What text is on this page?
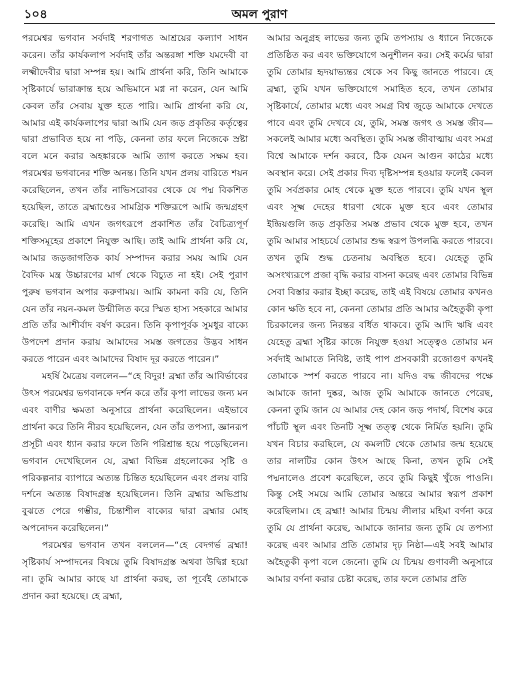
১০৪	অমল পুরাণ

পরমেশ্বর ভগবান সর্বদাই শরণাগত আশ্রয়ের কল্যাণ সাধন করেন। তাঁর কার্যকলাপ সর্বদাই তাঁর অন্তরঙ্গা শক্তি যমদেবী বা লক্ষ্মীদেবীর দ্বারা সম্পন্ন হয়। আমি প্রার্থনা করি, তিনি আমাকে সৃষ্টিকার্যে ভারাক্রান্ত হয়ে অভিমানে মগ্ন না করেন, যেন আমি কেবল তাঁর সেবায় যুক্ত হতে পারি। আমি প্রার্থনা করি যে, আমার এই কার্যকলাপের দ্বারা আমি যেন জড় প্রকৃতির কর্তৃত্বের দ্বারা প্রভাবিত হয়ে না পড়ি, কেননা তার ফলে নিজেকে স্রষ্টা বলে মনে করার অহঙ্কারকে আমি ত্যাগ করতে সক্ষম হব। পরমেশ্বর ভগবানের শক্তি অনন্ত। তিনি যখন প্রলয় বারিতে শয়ন করেছিলেন, তখন তাঁর নাভিসরোবর থেকে যে পদ্ম বিকশিত হয়েছিল, তাতে ব্রহ্মাণ্ডের সামগ্রিক শক্তিরূপে আমি জন্মগ্রহণ করেছি। আমি এখন জগৎরূপে প্রকাশিত তাঁর বৈচিত্র্যপূর্ণ শক্তিসমূহের প্রকাশে নিযুক্ত আছি। তাই আমি প্রার্থনা করি যে, আমার জড়জাগতিক কার্য সম্পাদন করার সময় আমি যেন বৈদিক মন্ত্র উচ্চারণের মার্গ থেকে বিচ্যুত না হই। সেই পুরাণ পুরুষ ভগবান অপার করুণাময়। আমি কামনা করি যে, তিনি যেন তাঁর নয়ন-কমল উন্মীলিত করে স্মিত হাস্য সহকারে আমার প্রতি তাঁর আশীর্বাদ বর্ষণ করেন। তিনি কৃপাপূর্বক সুমধুর বাক্যে উপদেশ প্রদান করায় আমাদের সমস্ত জগতের উদ্ভব সাধন করতে পারেন এবং আমাদের বিষাদ দূর করতে পারেন।”

মহর্ষি মৈত্রেয় বললেন—“হে বিদুর! ব্রহ্মা তাঁর আবির্ভাবের উৎস পরমেশ্বর ভগবানকে দর্শন করে তাঁর কৃপা লাভের জন্য মন এবং বাণীর ক্ষমতা অনুসারে প্রার্থনা করেছিলেন। এইভাবে প্রার্থনা করে তিনি নীরব হয়েছিলেন, যেন তাঁর তপস্যা, জ্ঞানরূপ প্রসূচী এবং ধ্যান করার ফলে তিনি পরিশ্রান্ত হয়ে পড়েছিলেন। ভগবান দেখেছিলেন যে, ব্রহ্মা বিভিন্ন গ্রহলোকের সৃষ্টি ও পরিকল্পনার ব্যাপারে অত্যন্ত চিন্তিত হয়েছিলেন এবং প্রলয় বারি দর্শনে অত্যন্ত বিষাদগ্রস্ত হয়েছিলেন। তিনি ব্রহ্মার অভিপ্রায় বুঝতে পেরে গম্ভীর, চিন্তাশীল বাক্যের দ্বারা ব্রহ্মার মোহ অপনোদন করেছিলেন।”

পরমেশ্বর ভগবান তখন বললেন—“হে বেদগর্ভ ব্রহ্মা! সৃষ্টিকার্য সম্পাদনের বিষয়ে তুমি বিষাদগ্রস্ত অথবা উদ্বিগ্ন হয়ো না। তুমি আমার কাছে যা প্রার্থনা করছ, তা পূর্বেই তোমাকে প্রদান করা হয়েছে। হে ব্রহ্মা,

আমার অনুগ্রহ লাভের জন্য তুমি তপস্যায় ও ধ্যানে নিজেকে প্রতিষ্ঠিত কর এবং ভক্তিযোগে অনুশীলন কর। সেই কর্মের দ্বারা তুমি তোমার হৃদয়াভ্যন্তর থেকে সব কিছু জানতে পারবে। হে ব্রহ্মা, তুমি যখন ভক্তিযোগে সমাহিত হবে, তখন তোমার সৃষ্টিকার্যে, তোমার মধ্যে এবং সমগ্র বিশ্ব জুড়ে আমাকে দেখতে পাবে এবং তুমি দেখবে যে, তুমি, সমস্ত জগৎ ও সমস্ত জীব—সকলেই আমার মধ্যে অবস্থিত। তুমি সমস্ত জীবাত্মায় এবং সমগ্র বিশ্বে আমাকে দর্শন করবে, ঠিক যেমন আগুন কাঠের মধ্যে অবস্থান করে। সেই প্রকার দিব্য দৃষ্টিসম্পন্ন হওয়ার ফলেই কেবল তুমি সর্বপ্রকার মোহ থেকে মুক্ত হতে পারবে। তুমি যখন স্থূল এবং সূক্ষ্ম দেহের ধারণা থেকে মুক্ত হবে এবং তোমার ইন্দ্রিয়গুলি জড় প্রকৃতির সমস্ত প্রভাব থেকে মুক্ত হবে, তখন তুমি আমার সাহচর্যে তোমার শুদ্ধ স্বরূপ উপলব্ধি করতে পারবে। তখন তুমি শুদ্ধ চেতনায় অবস্থিত হবে। যেহেতু তুমি অসংখ্যরূপে প্রজা বৃদ্ধি করার বাসনা করেছ এবং তোমার বিভিন্ন সেবা বিস্তার করার ইচ্ছা করেছ, তাই এই বিষয়ে তোমার কখনও কোন ক্ষতি হবে না, কেননা তোমার প্রতি আমার অহৈতুকী কৃপা চিরকালের জন্য নিরন্তর বর্ধিত থাকবে। তুমি আদি ঋষি এবং যেহেতু ব্রহ্মা সৃষ্টির কাজে নিযুক্ত হওয়া সত্ত্বেও তোমার মন সর্বদাই আমাতে নিবিষ্ট, তাই পাপ প্রসবকারী রজোগুণ কখনই তোমাকে স্পর্শ করতে পারবে না। যদিও বদ্ধ জীবদের পক্ষে আমাকে জানা দুষ্কর, আজ তুমি আমাকে জানতে পেরেছ, কেননা তুমি জান যে আমার দেহ কোন জড় পদার্থ, বিশেষ করে পাঁচটি স্থূল এবং তিনটি সূক্ষ্ম তত্ত্ব থেকে নির্মিত হয়নি। তুমি যখন বিচার করছিলে, যে কমলটি থেকে তোমার জন্ম হয়েছে তার নালটির কোন উৎস আছে কিনা, তখন তুমি সেই পদ্মনালেও প্রবেশ করেছিলে, তবে তুমি কিছুই খুঁজে পাওনি। কিন্তু সেই সময়ে আমি তোমার অন্তরে আমার স্বরূপ প্রকাশ করেছিলাম। হে ব্রহ্মা! আমার চিন্ময় লীলার মহিমা বর্ণনা করে তুমি যে প্রার্থনা করেছ, আমাকে জানার জন্য তুমি যে তপস্যা করেছ এবং আমার প্রতি তোমার দৃঢ় নিষ্ঠা—এই সবই আমার অহৈতুকী কৃপা বলে জেনো। তুমি যে চিন্ময় গুণাবলী অনুসারে আমার বর্ণনা করার চেষ্টা করেছ, তার ফলে তোমার প্রতি
